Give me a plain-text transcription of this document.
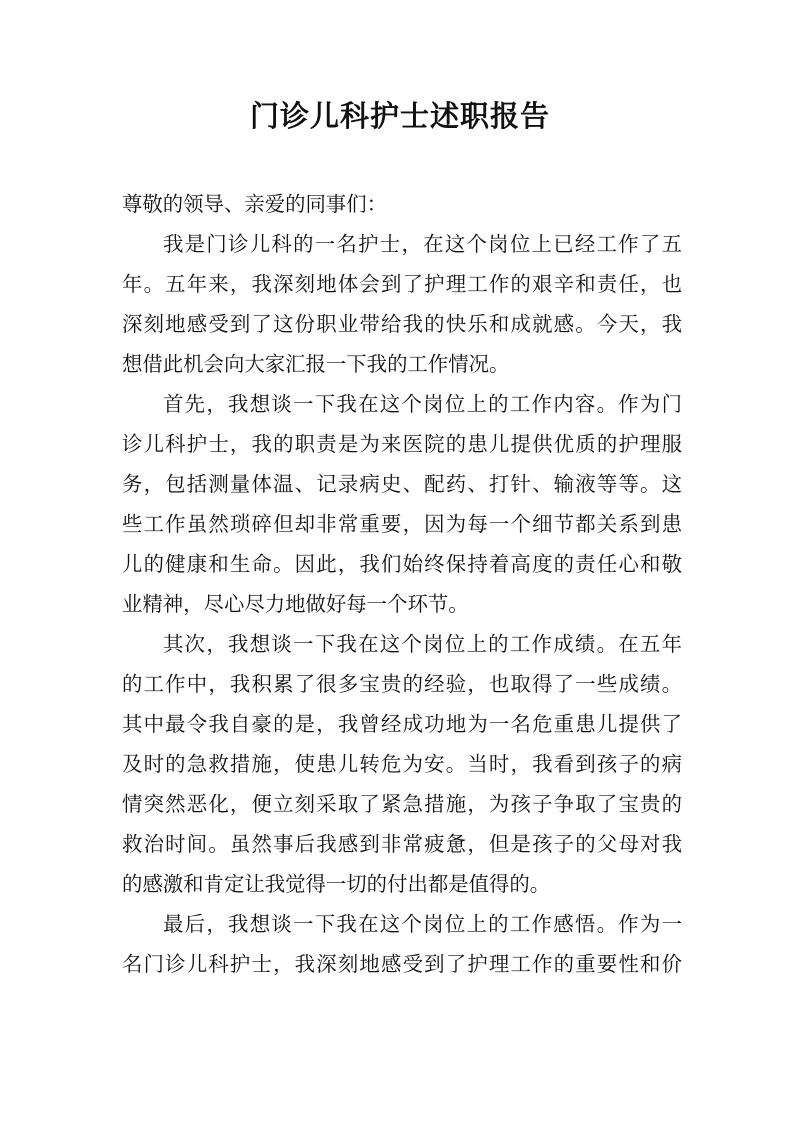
门诊儿科护士述职报告
尊敬的领导、亲爱的同事们：
我是门诊儿科的一名护士，在这个岗位上已经工作了五
年。五年来，我深刻地体会到了护理工作的艰辛和责任，也
深刻地感受到了这份职业带给我的快乐和成就感。今天，我
想借此机会向大家汇报一下我的工作情况。
首先，我想谈一下我在这个岗位上的工作内容。作为门
诊儿科护士，我的职责是为来医院的患儿提供优质的护理服
务，包括测量体温、记录病史、配药、打针、输液等等。这
些工作虽然琐碎但却非常重要，因为每一个细节都关系到患
儿的健康和生命。因此，我们始终保持着高度的责任心和敬
业精神，尽心尽力地做好每一个环节。
其次，我想谈一下我在这个岗位上的工作成绩。在五年
的工作中，我积累了很多宝贵的经验，也取得了一些成绩。
其中最令我自豪的是，我曾经成功地为一名危重患儿提供了
及时的急救措施，使患儿转危为安。当时，我看到孩子的病
情突然恶化，便立刻采取了紧急措施，为孩子争取了宝贵的
救治时间。虽然事后我感到非常疲惫，但是孩子的父母对我
的感激和肯定让我觉得一切的付出都是值得的。
最后，我想谈一下我在这个岗位上的工作感悟。作为一
名门诊儿科护士，我深刻地感受到了护理工作的重要性和价
